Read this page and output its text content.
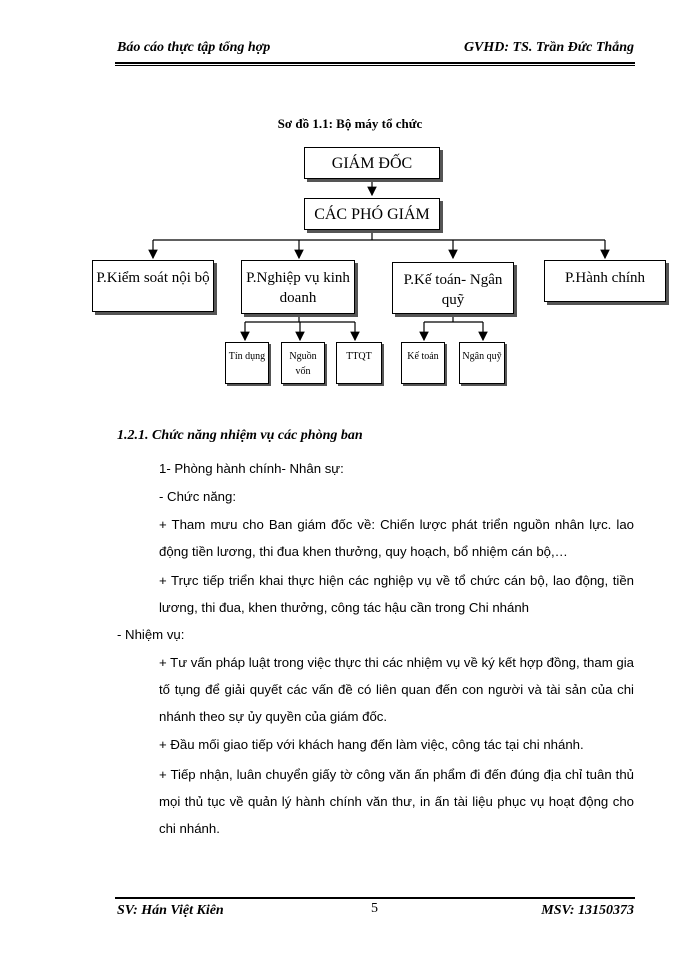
Báo cáo thực tập tổng hợp	GVHD: TS. Trần Đức Thắng
Sơ đồ 1.1: Bộ máy tổ chức
GIÁM ĐỐC
CÁC PHÓ GIÁM
P.Kiểm soát nội bộ	P.Nghiệp vụ kinh doanh
P.Kế toán- Ngân quỹ
P.Hành chính
Tín dụng	Nguồn vốn
TTQT	Kế toán	Ngân quỹ
1.2.1. Chức năng nhiệm vụ các phòng ban
1- Phòng hành chính- Nhân sự:
- Chức năng:
+ Tham mưu cho Ban giám đốc về: Chiến lược phát triển nguồn nhân lực. lao động tiền lương, thi đua khen thưởng, quy hoạch, bổ nhiệm cán bộ,…
+ Trực tiếp triển khai thực hiện các nghiệp vụ về tổ chức cán bộ, lao động, tiền lương, thi đua, khen thưởng, công tác hậu cần trong Chi nhánh
- Nhiệm vụ:
+ Tư vấn pháp luật trong việc thực thi các nhiệm vụ về ký kết hợp đồng, tham gia tố tụng để giải quyết các vấn đề có liên quan đến con người và tài sản của chi nhánh theo sự ủy quyền của giám đốc.
+ Đầu mối giao tiếp với khách hang đến làm việc, công tác tại chi nhánh.
+ Tiếp nhận, luân chuyển giấy tờ công văn ấn phẩm đi đến đúng địa chỉ tuân thủ mọi thủ tục về quản lý hành chính văn thư, in ấn tài liệu phục vụ hoạt động cho chi nhánh.
SV: Hán Việt Kiên	5	MSV: 13150373
